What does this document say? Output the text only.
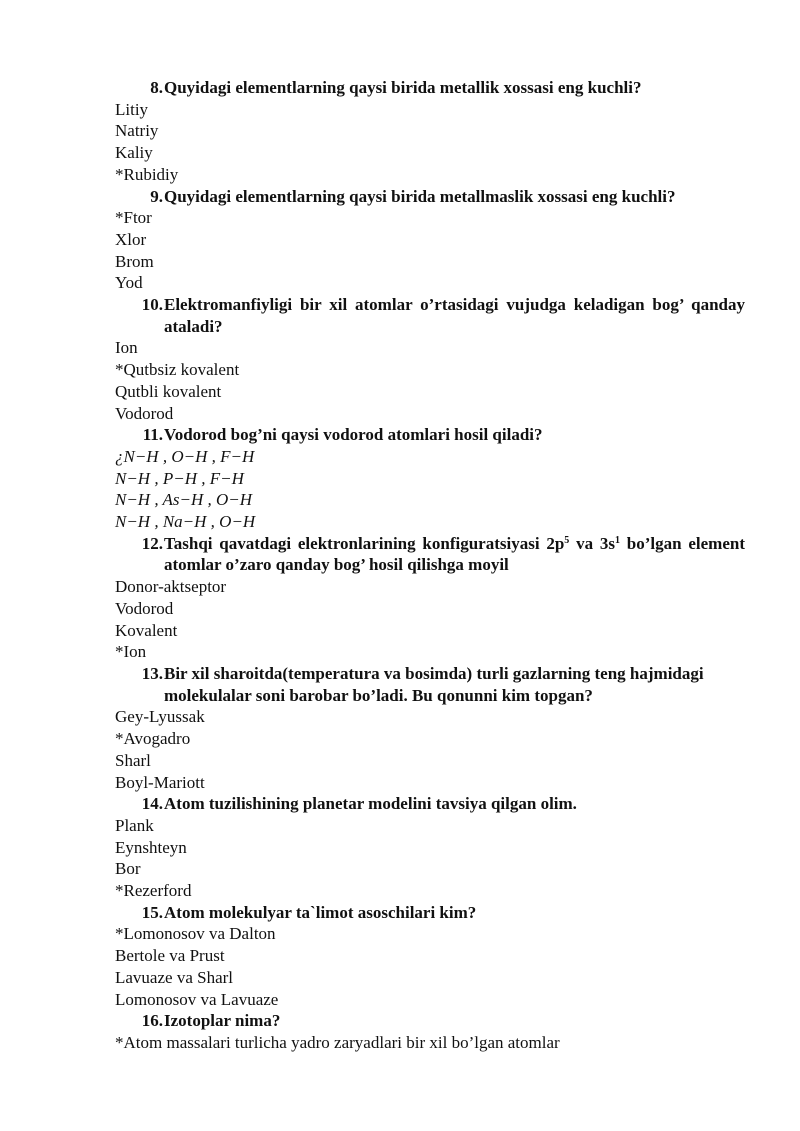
8. Quyidagi elementlarning qaysi birida metallik xossasi eng kuchli?
Litiy
Natriy
Kaliy
*Rubidiy
9. Quyidagi elementlarning qaysi birida metallmaslik xossasi eng kuchli?
*Ftor
Xlor
Brom
Yod
10. Elektromanfiyligi bir xil atomlar o’rtasidagi vujudga keladigan bog’ qanday ataladi?
Ion
*Qutbsiz kovalent
Qutbli kovalent
Vodorod
11. Vodorod bog’ni qaysi vodorod atomlari hosil qiladi?
¿N−H , O−H , F−H
N−H , P−H , F−H
N−H , As−H , O−H
N−H , Na−H , O−H
12. Tashqi qavatdagi elektronlarining konfiguratsiyasi $2p^5$ va $3s^1$ bo’lgan element atomlar o’zaro qanday bog’ hosil qilishga moyil
Donor-aktseptor
Vodorod
Kovalent
*Ion
13. Bir xil sharoitda(temperatura va bosimda) turli gazlarning teng hajmidagi molekulalar soni barobar bo’ladi. Bu qonunni kim topgan?
Gey-Lyussak
*Avogadro
Sharl
Boyl-Mariott
14. Atom tuzilishining planetar modelini tavsiya qilgan olim.
Plank
Eynshteyn
Bor
*Rezerford
15. Atom molekulyar ta`limot asoschilari kim?
*Lomonosov va Dalton
Bertole va Prust
Lavuaze va Sharl
Lomonosov va Lavuaze
16. Izotoplar nima?
*Atom massalari turlicha yadro zaryadlari bir xil bo’lgan atomlar
